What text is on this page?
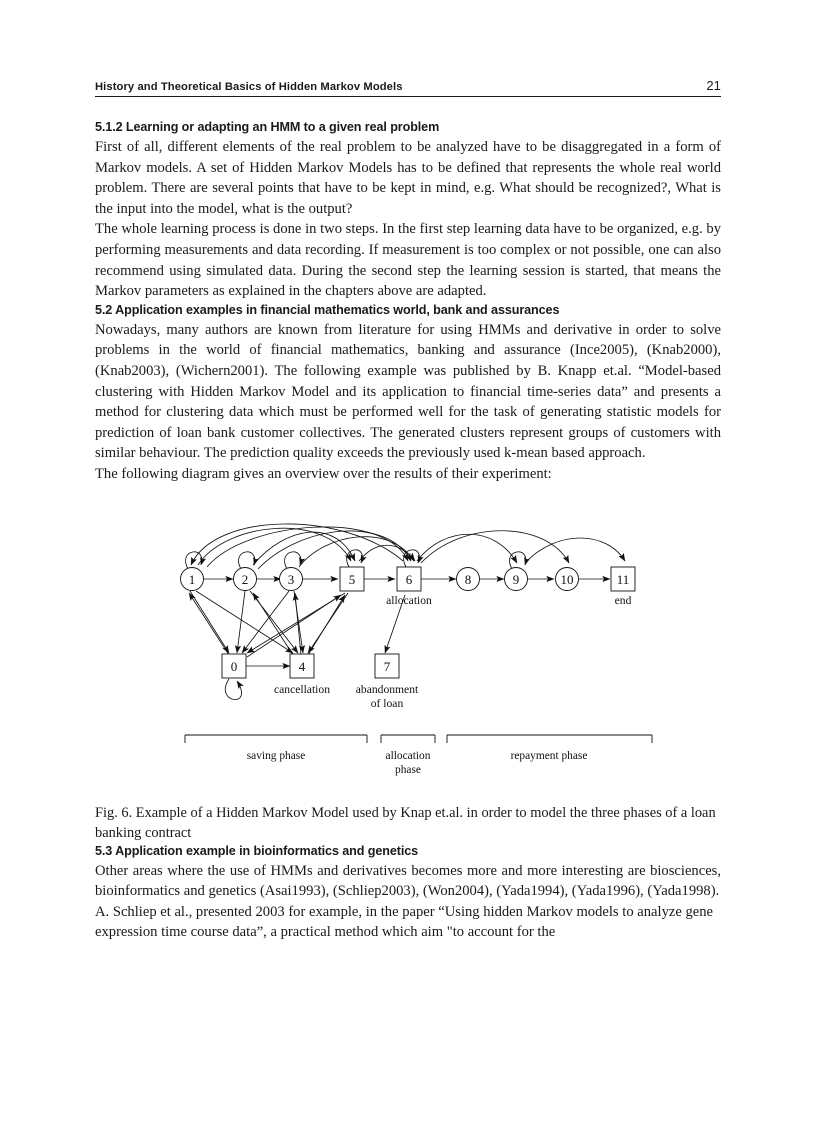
History and Theoretical Basics of Hidden Markov Models	21
5.1.2 Learning or adapting an HMM to a given real problem

First of all, different elements of the real problem to be analyzed have to be disaggregated in a form of Markov models. A set of Hidden Markov Models has to be defined that represents the whole real world problem. There are several points that have to be kept in mind, e.g. What should be recognized?, What is the input into the model, what is the output?

The whole learning process is done in two steps. In the first step learning data have to be organized, e.g. by performing measurements and data recording. If measurement is too complex or not possible, one can also recommend using simulated data. During the second step the learning session is started, that means the Markov parameters as explained in the chapters above are adapted.

5.2 Application examples in financial mathematics world, bank and assurances

Nowadays, many authors are known from literature for using HMMs and derivative in order to solve problems in the world of financial mathematics, banking and assurance (Ince2005), (Knab2000), (Knab2003), (Wichern2001). The following example was published by B. Knapp et.al. “Model-based clustering with Hidden Markov Model and its application to financial time-series data” and presents a method for clustering data which must be performed well for the task of generating statistic models for prediction of loan bank customer collectives. The generated clusters represent groups of customers with similar behaviour. The prediction quality exceeds the previously used k-mean based approach.

The following diagram gives an overview over the results of their experiment:

1	2	3	5	6	8	9	10	11
0	4	7
allocation	end
cancellation abandonment
of loan
saving phase	allocation
phase
repayment phase

Fig. 6. Example of a Hidden Markov Model used by Knap et.al. in order to model the three phases of a loan banking contract

5.3 Application example in bioinformatics and genetics

Other areas where the use of HMMs and derivatives becomes more and more interesting are biosciences, bioinformatics and genetics (Asai1993), (Schliep2003), (Won2004), (Yada1994), (Yada1996), (Yada1998).

A. Schliep et al., presented 2003 for example, in the paper “Using hidden Markov models to analyze gene expression time course data”, a practical method which aim "to account for the
